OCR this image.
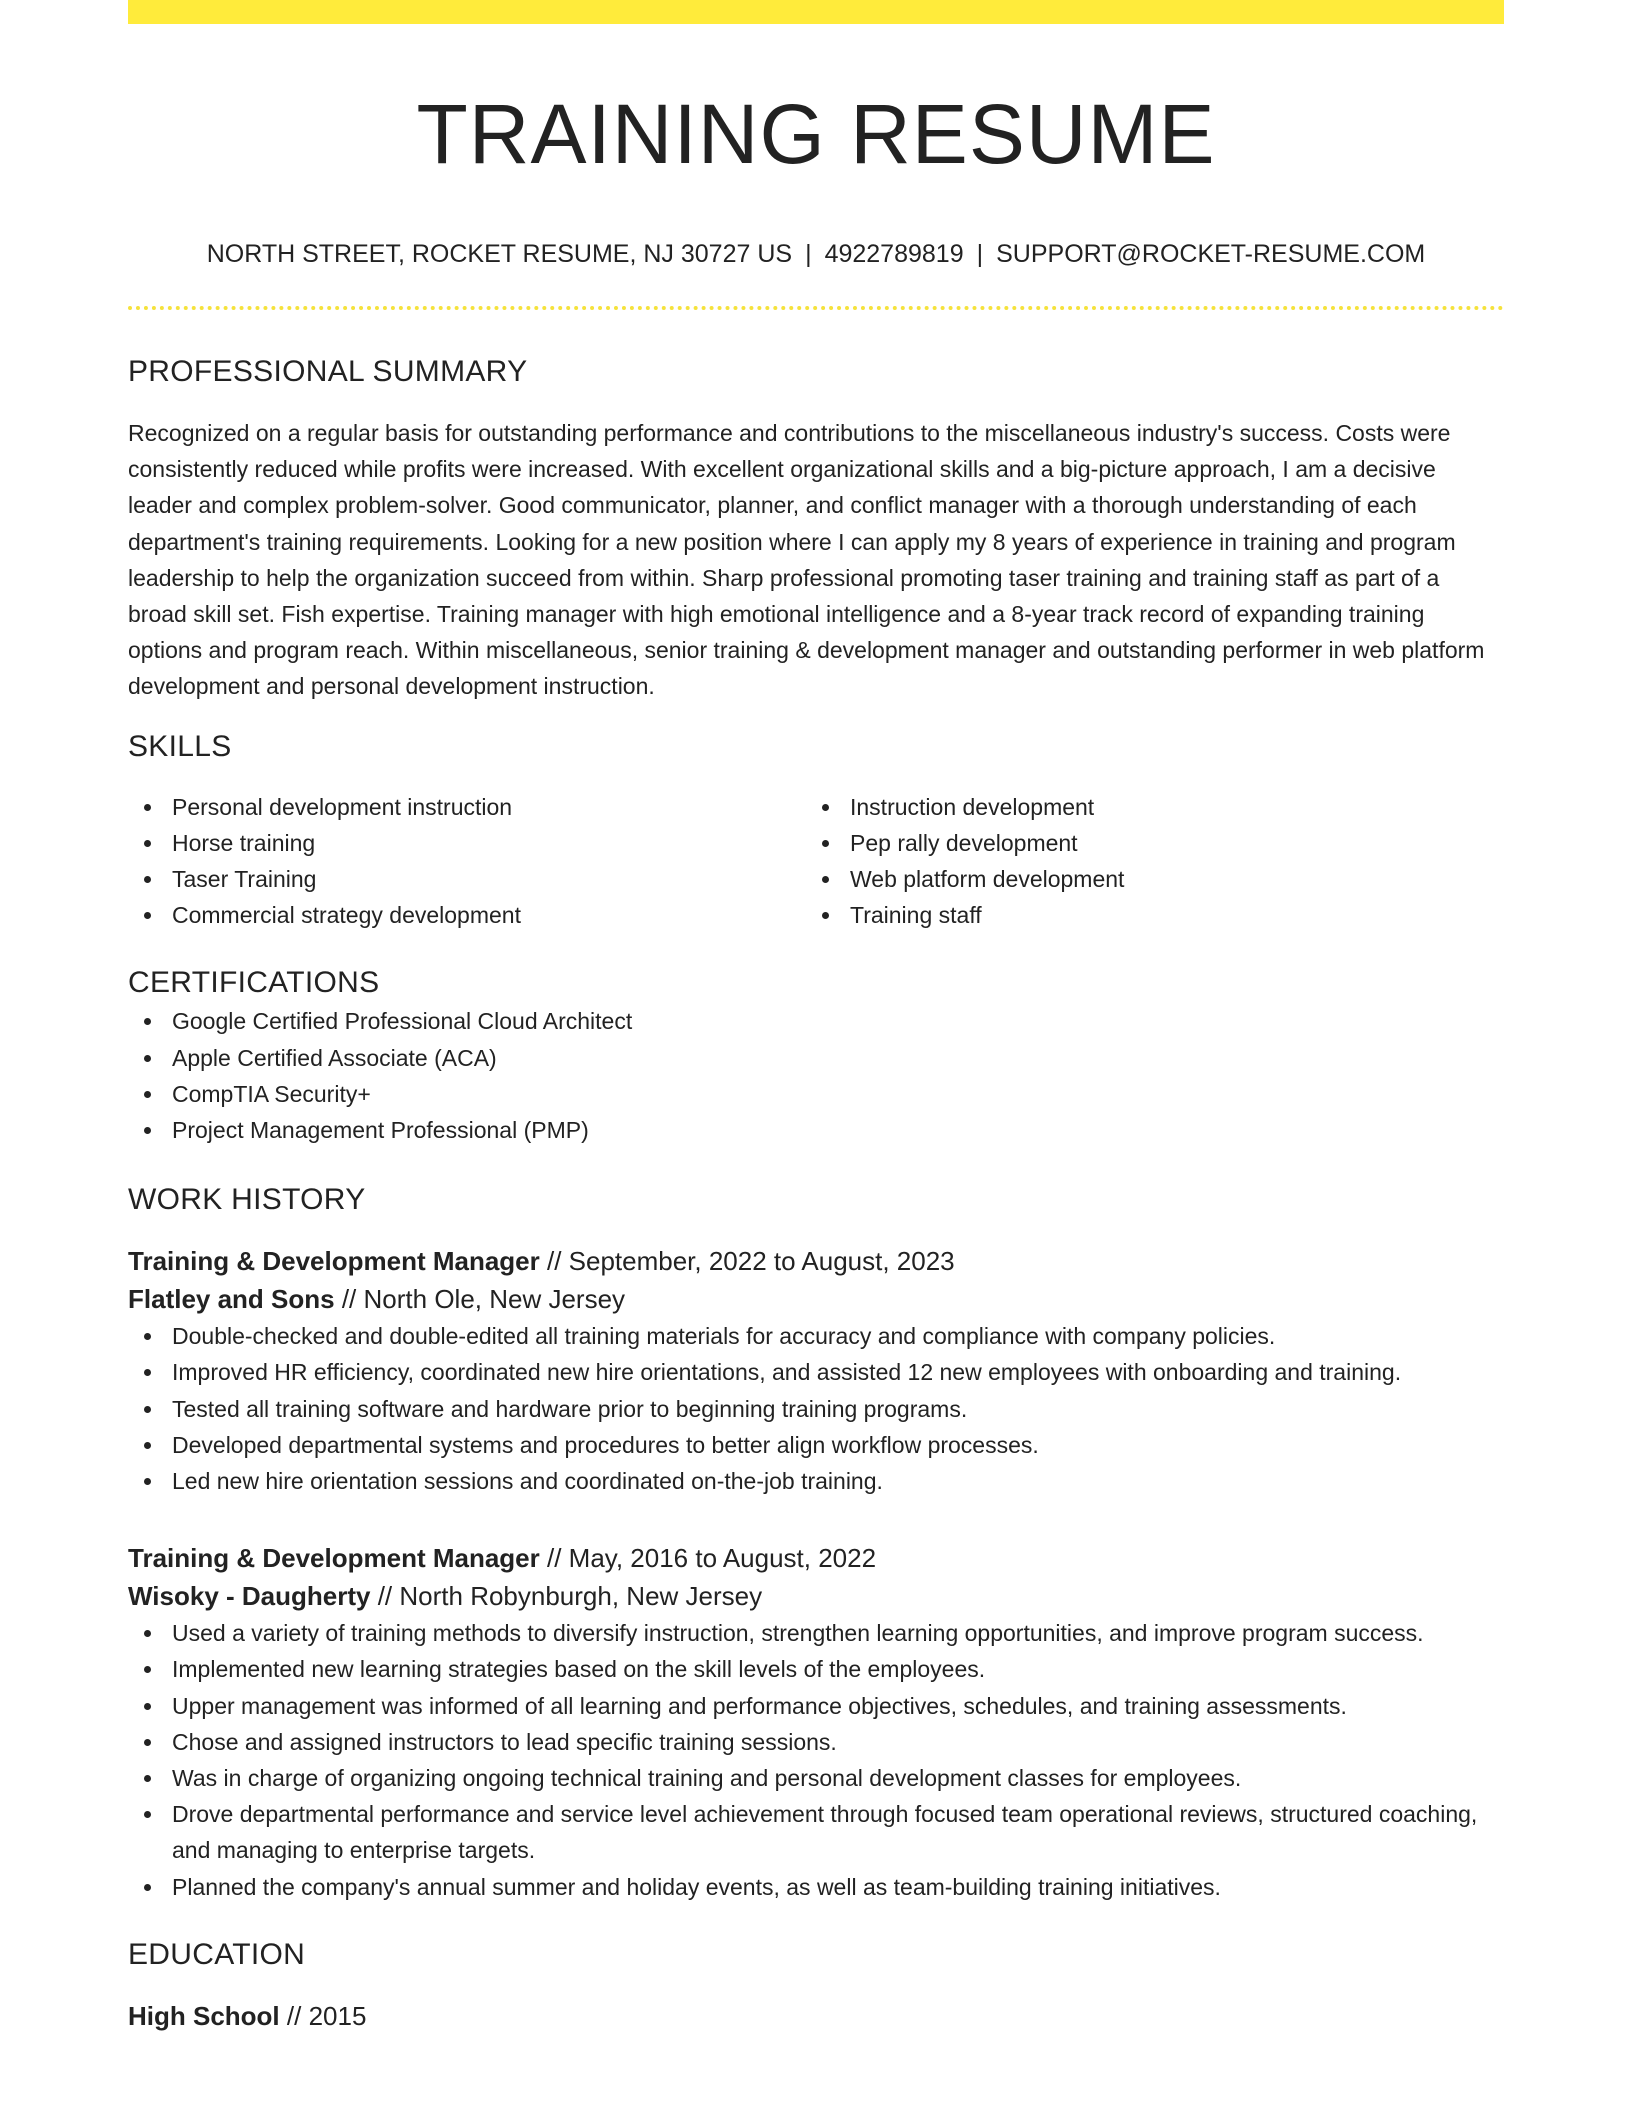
TRAINING RESUME
NORTH STREET, ROCKET RESUME, NJ 30727 US | 4922789819 | SUPPORT@ROCKET-RESUME.COM
PROFESSIONAL SUMMARY

Recognized on a regular basis for outstanding performance and contributions to the miscellaneous industry's success. Costs were consistently reduced while profits were increased. With excellent organizational skills and a big-picture approach, I am a decisive leader and complex problem-solver. Good communicator, planner, and conflict manager with a thorough understanding of each department's training requirements. Looking for a new position where I can apply my 8 years of experience in training and program leadership to help the organization succeed from within. Sharp professional promoting taser training and training staff as part of a broad skill set. Fish expertise. Training manager with high emotional intelligence and a 8-year track record of expanding training options and program reach. Within miscellaneous, senior training & development manager and outstanding performer in web platform development and personal development instruction.

SKILLS
Personal development instruction
Horse training
Taser Training
Commercial strategy development
Instruction development
Pep rally development
Web platform development
Training staff
CERTIFICATIONS
Google Certified Professional Cloud Architect
Apple Certified Associate (ACA)
CompTIA Security+
Project Management Professional (PMP)
WORK HISTORY
Training & Development Manager // September, 2022 to August, 2023
Flatley and Sons // North Ole, New Jersey
Double-checked and double-edited all training materials for accuracy and compliance with company policies.
Improved HR efficiency, coordinated new hire orientations, and assisted 12 new employees with onboarding and training.
Tested all training software and hardware prior to beginning training programs.
Developed departmental systems and procedures to better align workflow processes.
Led new hire orientation sessions and coordinated on-the-job training.
Training & Development Manager // May, 2016 to August, 2022
Wisoky - Daugherty // North Robynburgh, New Jersey
Used a variety of training methods to diversify instruction, strengthen learning opportunities, and improve program success.
Implemented new learning strategies based on the skill levels of the employees.
Upper management was informed of all learning and performance objectives, schedules, and training assessments.
Chose and assigned instructors to lead specific training sessions.
Was in charge of organizing ongoing technical training and personal development classes for employees.
Drove departmental performance and service level achievement through focused team operational reviews, structured coaching, and managing to enterprise targets.
Planned the company's annual summer and holiday events, as well as team-building training initiatives.
EDUCATION
High School // 2015
